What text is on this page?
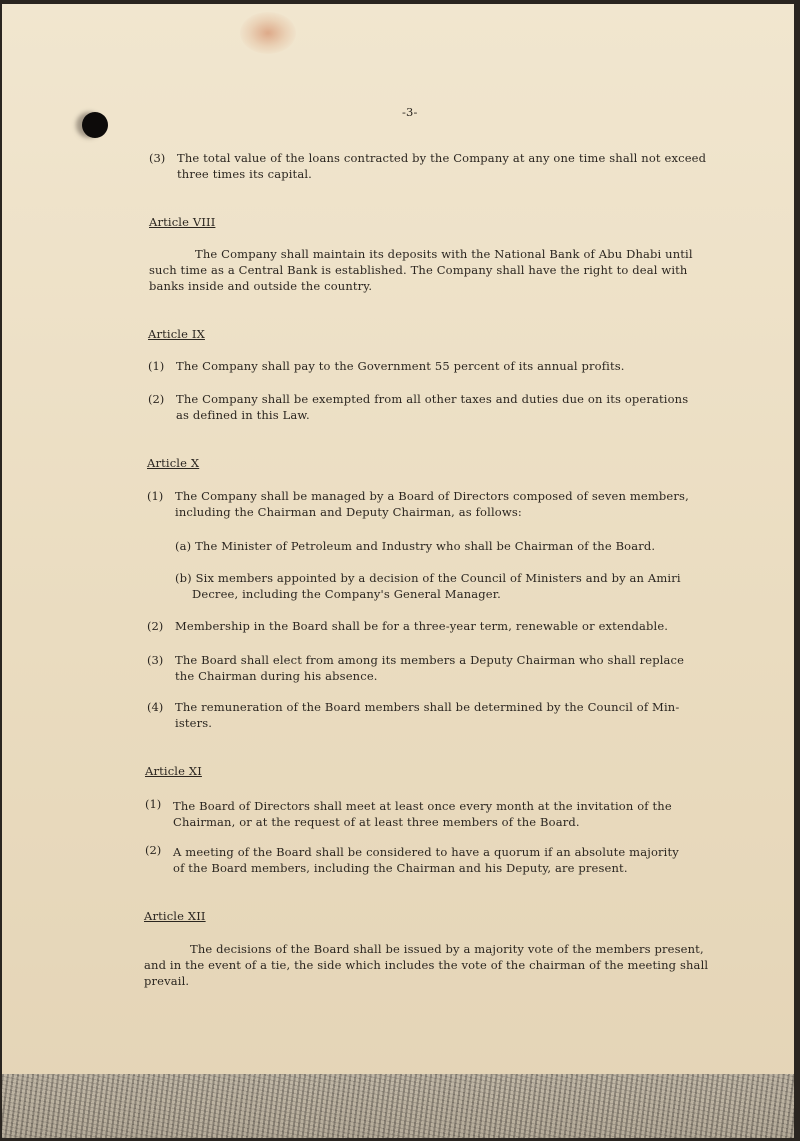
-3-
(3) The total value of the loans contracted by the Company at any one time shall not exceed
three times its capital.
Article VIII
The Company shall maintain its deposits with the National Bank of Abu Dhabi until
such time as a Central Bank is established. The Company shall have the right to deal with
banks inside and outside the country.
Article IX
(1) The Company shall pay to the Government 55 percent of its annual profits.
(2) The Company shall be exempted from all other taxes and duties due on its operations
as defined in this Law.
Article X
(1) The Company shall be managed by a Board of Directors composed of seven members,
including the Chairman and Deputy Chairman, as follows:
(a) The Minister of Petroleum and Industry who shall be Chairman of the Board.
(b) Six members appointed by a decision of the Council of Ministers and by an Amiri
Decree, including the Company's General Manager.
(2) Membership in the Board shall be for a three-year term, renewable or extendable.
(3) The Board shall elect from among its members a Deputy Chairman who shall replace
the Chairman during his absence.
(4) The remuneration of the Board members shall be determined by the Council of Min-
isters.
Article XI
(1) The Board of Directors shall meet at least once every month at the invitation of the
Chairman, or at the request of at least three members of the Board.
(2) A meeting of the Board shall be considered to have a quorum if an absolute majority
of the Board members, including the Chairman and his Deputy, are present.
Article XII
The decisions of the Board shall be issued by a majority vote of the members present,
and in the event of a tie, the side which includes the vote of the chairman of the meeting shall
prevail.
